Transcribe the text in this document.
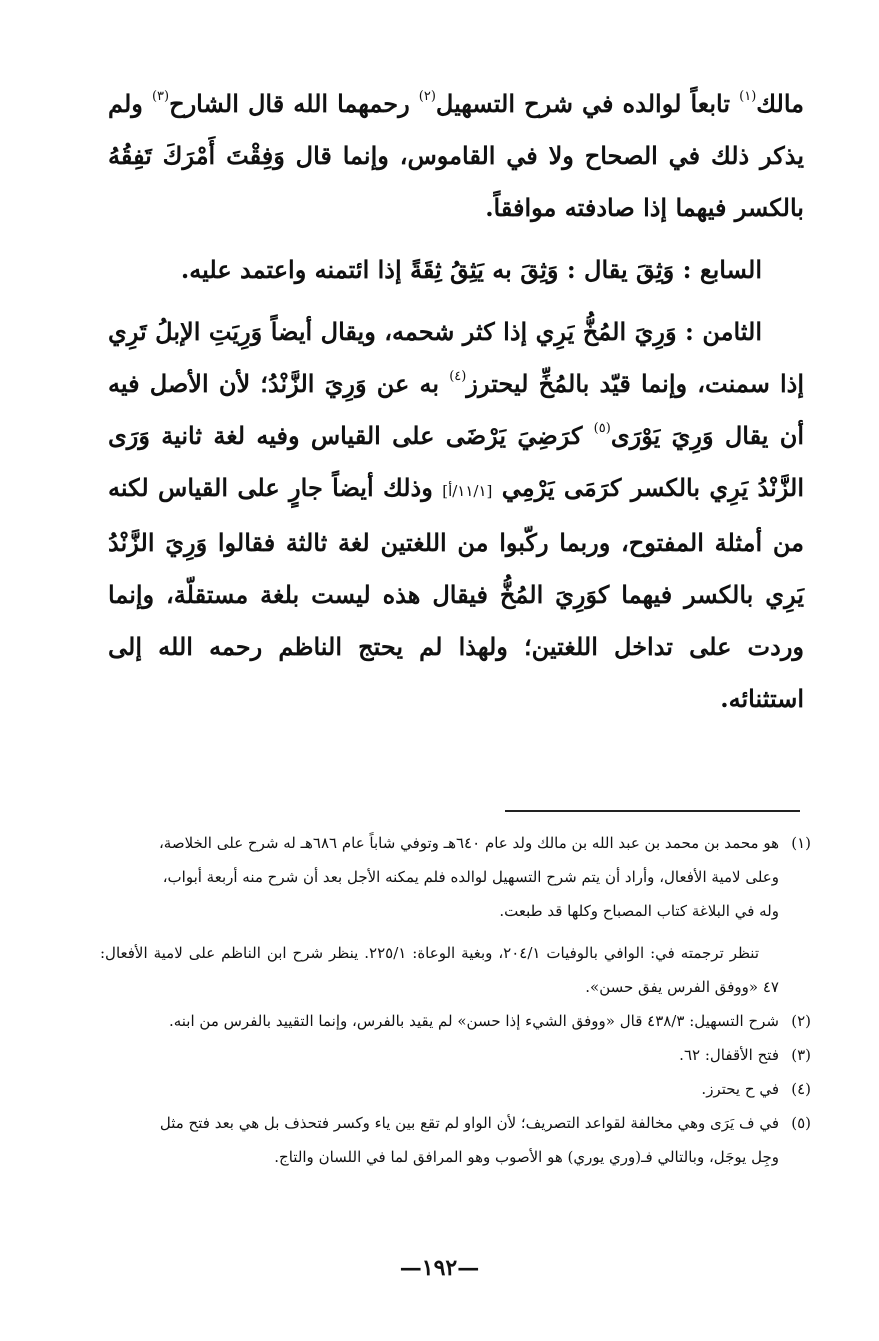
مالك$^{(١)}$ تابعاً لوالده في شرح التسهيل$^{(٢)}$ رحمهما الله قال الشارح$^{(٣)}$ ولم يذكر ذلك في الصحاح ولا في القاموس، وإنما قال وَفِقْتَ أَمْرَكَ تَفِقُهُ بالكسر فيهما إذا صادفته موافقاً.

السابع : وَثِقَ يقال : وَثِقَ به يَثِقُ ثِقَةً إذا ائتمنه واعتمد عليه.

الثامن : وَرِيَ المُخُّ يَرِي إذا كثر شحمه، ويقال أيضاً وَرِيَتِ الإبلُ تَرِي إذا سمنت، وإنما قيّد بالمُخِّ ليحترز$^{(٤)}$ به عن وَرِيَ الزَّنْدُ؛ لأن الأصل فيه أن يقال وَرِيَ يَوْرَى$^{(٥)}$ كرَضِيَ يَرْضَى على القياس وفيه لغة ثانية وَرَى الزَّنْدُ يَرِي بالكسر كرَمَى يَرْمِي [١١/١/أ] وذلك أيضاً جارٍ على القياس لكنه من أمثلة المفتوح، وربما ركّبوا من اللغتين لغة ثالثة فقالوا وَرِيَ الزَّنْدُ يَرِي بالكسر فيهما كوَرِيَ المُخُّ فيقال هذه ليست بلغة مستقلّة، وإنما وردت على تداخل اللغتين؛ ولهذا لم يحتج الناظم رحمه الله إلى استثنائه.

(١)هو محمد بن محمد بن عبد الله بن مالك ولد عام ٦٤٠هـ وتوفي شاباً عام ٦٨٦هـ له شرح على الخلاصة،
وعلى لامية الأفعال، وأراد أن يتم شرح التسهيل لوالده فلم يمكنه الأجل بعد أن شرح منه أربعة أبواب،
وله في البلاغة كتاب المصباح وكلها قد طبعت.
تنظر ترجمته في: الوافي بالوفيات ٢٠٤/١، وبغية الوعاة: ٢٢٥/١. ينظر شرح ابن الناظم على لامية الأفعال: ٤٧ «ووفق الفرس يفق حسن».
(٢)شرح التسهيل: ٤٣٨/٣ قال «ووفق الشيء إذا حسن» لم يقيد بالفرس، وإنما التقييد بالفرس من ابنه.
(٣)فتح الأقفال: ٦٢.
(٤)في ح يحترز.
(٥)في ف يَرَى وهي مخالفة لقواعد التصريف؛ لأن الواو لم تقع بين ياء وكسر فتحذف بل هي بعد فتح مثل
وجِل يوجَل، وبالتالي فـ(وري يوري) هو الأصوب وهو المرافق لما في اللسان والتاج.
—١٩٢—
